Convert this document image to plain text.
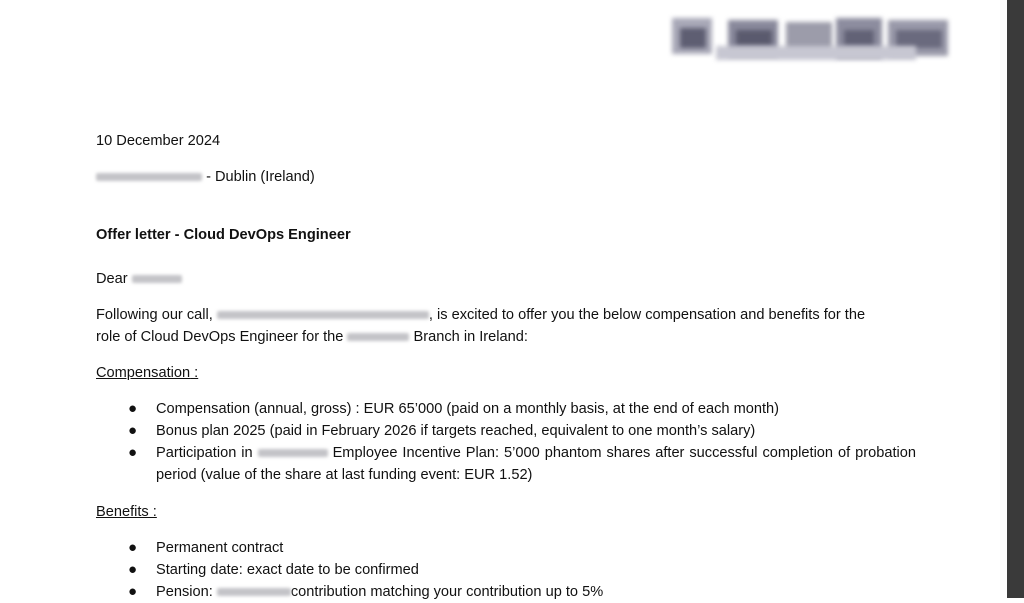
10 December 2024
- Dublin (Ireland)
Offer letter - Cloud DevOps Engineer
Dear
Following our call,	, is excited to offer you the below compensation and benefits for the
role of Cloud DevOps Engineer for the	Branch in Ireland:
Compensation :
● Compensation (annual, gross) : EUR 65’000 (paid on a monthly basis, at the end of each month)
● Bonus plan 2025 (paid in February 2026 if targets reached, equivalent to one month’s salary)
● Participation in	Employee Incentive Plan: 5’000 phantom shares after successful completion of probation period (value of the share at last funding event: EUR 1.52)
Benefits :
● Permanent contract
● Starting date: exact date to be confirmed
● Pension:	contribution matching your contribution up to 5%
